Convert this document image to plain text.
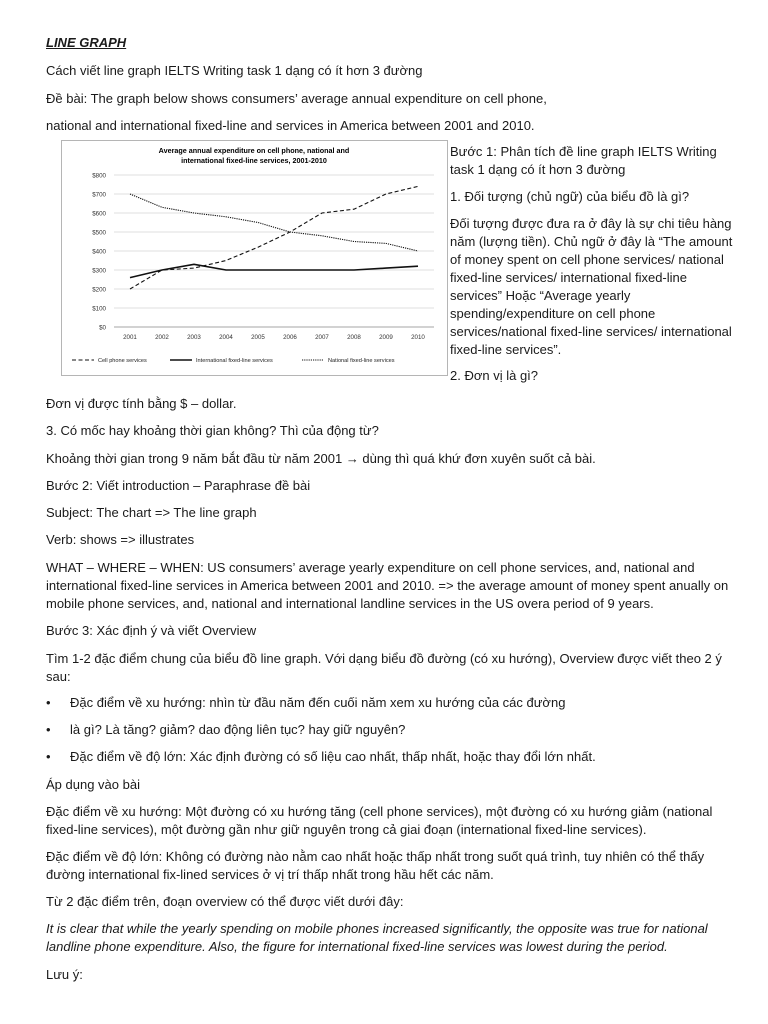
LINE GRAPH

Cách viết line graph IELTS Writing task 1 dạng có ít hơn 3 đường

Đề bài: The graph below shows consumers’ average annual expenditure on cell phone,

national and international fixed-line and services in America between 2001 and 2010.

Average annual expenditure on cell phone, national and
international fixed-line services, 2001-2010
$0
$100
$200
$300
$400
$500
$600
$700
$800
2001	2002	2003	2004	2005	2006	2007	2008	2009	2010
Cell phone services	International fixed-line services	National fixed-line services

Bước 1: Phân tích đề line graph IELTS Writing task 1 dạng có ít hơn 3 đường

1. Đối tượng (chủ ngữ) của biểu đồ là gì?

Đối tượng được đưa ra ở đây là sự chi tiêu hàng năm (lượng tiền). Chủ ngữ ở đây là “The amount of money spent on cell phone services/ national fixed-line services/ international fixed-line services” Hoặc “Average yearly spending/expenditure on cell phone services/national fixed-line services/ international fixed-line services”.

2. Đơn vị là gì?

Đơn vị được tính bằng $ – dollar.

3. Có mốc hay khoảng thời gian không? Thì của động từ?

Khoảng thời gian trong 9 năm bắt đầu từ năm 2001 → dùng thì quá khứ đơn xuyên suốt cả bài.

Bước 2: Viết introduction – Paraphrase đề bài

Subject: The chart => The line graph

Verb: shows => illustrates

WHAT – WHERE – WHEN: US consumers’ average yearly expenditure on cell phone services, and, national and international fixed-line services in America between 2001 and 2010. => the average amount of money spent anually on mobile phone services, and, national and international landline services in the US overa period of 9 years.

Bước 3: Xác định ý và viết Overview

Tìm 1-2 đặc điểm chung của biểu đồ line graph. Với dạng biểu đồ đường (có xu hướng), Overview được viết theo 2 ý sau:

• Đặc điểm về xu hướng: nhìn từ đầu năm đến cuối năm xem xu hướng của các đường
• là gì? Là tăng? giảm? dao động liên tục? hay giữ nguyên?
• Đặc điểm về độ lớn: Xác định đường có số liệu cao nhất, thấp nhất, hoặc thay đổi lớn nhất.

Áp dụng vào bài

Đặc điểm về xu hướng: Một đường có xu hướng tăng (cell phone services), một đường có xu hướng giảm (national fixed-line services), một đường gần như giữ nguyên trong cả giai đoạn (international fixed-line services).

Đặc điểm về độ lớn: Không có đường nào nằm cao nhất hoặc thấp nhất trong suốt quá trình, tuy nhiên có thể thấy đường international fix-lined services ở vị trí thấp nhất trong hầu hết các năm.

Từ 2 đặc điểm trên, đoạn overview có thể được viết dưới đây:

It is clear that while the yearly spending on mobile phones increased significantly, the opposite was true for national landline phone expenditure. Also, the figure for international fixed-line services was lowest during the period.

Lưu ý:
